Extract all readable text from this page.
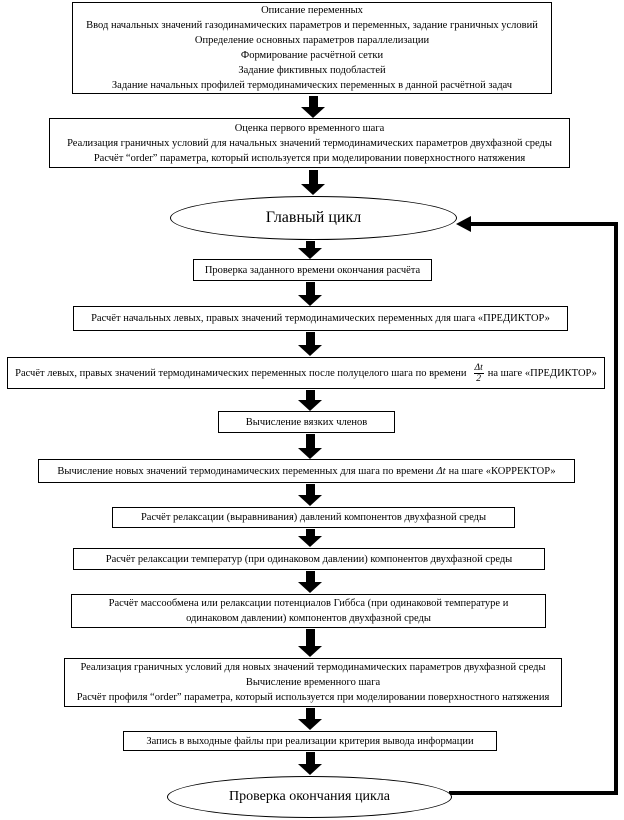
Описание переменных
Ввод начальных значений газодинамических параметров и переменных, задание граничных условий
Определение основных параметров параллелизации
Формирование расчётной сетки
Задание фиктивных подобластей
Задание начальных профилей термодинамических переменных в данной расчётной задач
Оценка первого временного шага
Реализация граничных условий для начальных значений термодинамических параметров двухфазной среды
Расчёт “order” параметра, который используется при моделировании поверхностного натяжения
Главный цикл
Проверка заданного времени окончания расчёта
Расчёт начальных левых, правых значений термодинамических переменных для шага «ПРЕДИКТОР»
Расчёт левых, правых значений термодинамических переменных после полуцелого шага по времени $\frac{\Delta t}{2}$ на шаге «ПРЕДИКТОР»
Вычисление вязких членов
Вычисление новых значений термодинамических переменных для шага по времени Δt на шаге «КОРРЕКТОР»
Расчёт релаксации (выравнивания) давлений компонентов двухфазной среды
Расчёт релаксации температур (при одинаковом давлении) компонентов двухфазной среды
Расчёт массообмена или релаксации потенциалов Гиббса (при одинаковой температуре и одинаковом давлении) компонентов двухфазной среды
Реализация граничных условий для новых значений термодинамических параметров двухфазной среды
Вычисление временного шага
Расчёт профиля “order” параметра, который используется при моделировании поверхностного натяжения
Запись в выходные файлы при реализации критерия вывода информации
Проверка окончания цикла
